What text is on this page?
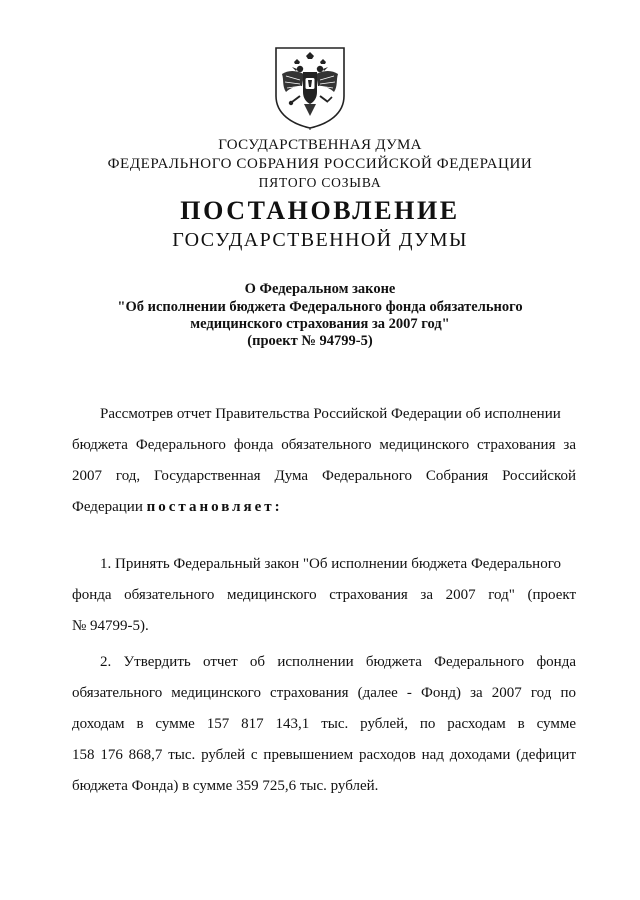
ГОСУДАРСТВЕННАЯ ДУМА

ФЕДЕРАЛЬНОГО СОБРАНИЯ РОССИЙСКОЙ ФЕДЕРАЦИИ

ПЯТОГО СОЗЫВА

ПОСТАНОВЛЕНИЕ

ГОСУДАРСТВЕННОЙ ДУМЫ

О Федеральном законе

"Об исполнении бюджета Федерального фонда обязательного

медицинского страхования за 2007 год"

(проект № 94799-5)

Рассмотрев отчет Правительства Российской Федерации об исполнении
бюджета Федерального фонда обязательного медицинского страхования за
2007 год, Государственная Дума Федерального Собрания Российской
Федерации постановляет:
1. Принять Федеральный закон "Об исполнении бюджета Федерального
фонда обязательного медицинского страхования за 2007 год" (проект
№ 94799-5).
2. Утвердить отчет об исполнении бюджета Федерального фонда
обязательного медицинского страхования (далее - Фонд) за 2007 год по
доходам в сумме 157 817 143,1 тыс. рублей, по расходам в сумме
158 176 868,7 тыс. рублей с превышением расходов над доходами (дефицит
бюджета Фонда) в сумме 359 725,6 тыс. рублей.
